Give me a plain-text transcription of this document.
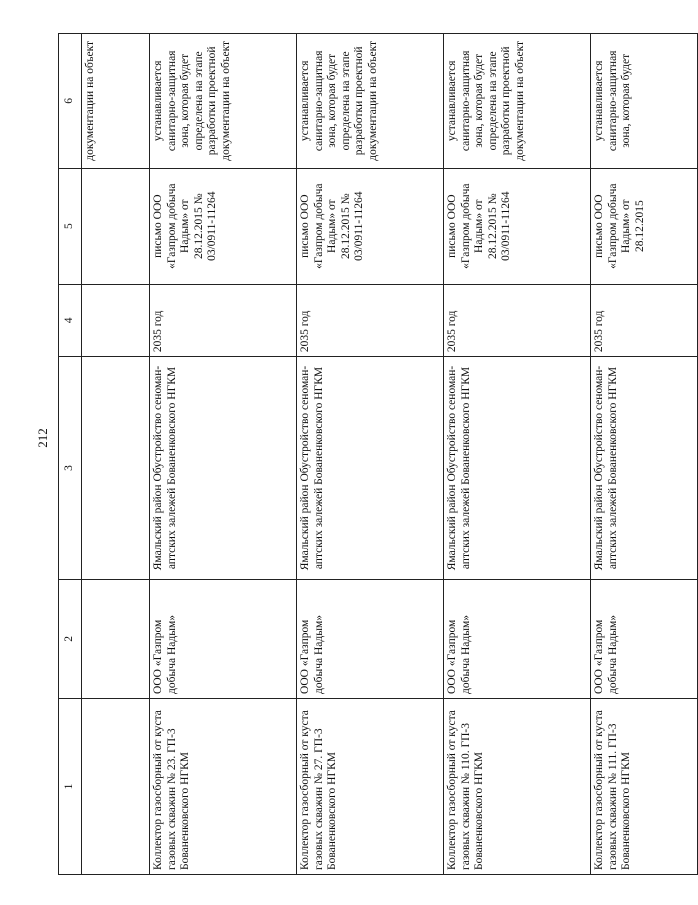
212
1	2	3	4	5	6
					документации на объект
Коллектор газосборный от куста газовых скважин № 23. ГП-3 Бованенковского НГКМ	ООО «Газпром добыча Надым»	Ямальский район Обустройство сеноман-аптских залежей Бованенковского НГКМ	2035 год	письмо ООО «Газпром добыча Надым» от 28.12.2015 № 03/0911-11264	устанавливается санитарно-защитная зона, которая будет определена на этапе разработки проектной документации на объект
Коллектор газосборный от куста газовых скважин № 27. ГП-3 Бованенковского НГКМ	ООО «Газпром добыча Надым»	Ямальский район Обустройство сеноман-аптских залежей Бованенковского НГКМ	2035 год	письмо ООО «Газпром добыча Надым» от 28.12.2015 № 03/0911-11264	устанавливается санитарно-защитная зона, которая будет определена на этапе разработки проектной документации на объект
Коллектор газосборный от куста газовых скважин № 110. ГП-3 Бованенковского НГКМ	ООО «Газпром добыча Надым»	Ямальский район Обустройство сеноман-аптских залежей Бованенковского НГКМ	2035 год	письмо ООО «Газпром добыча Надым» от 28.12.2015 № 03/0911-11264	устанавливается санитарно-защитная зона, которая будет определена на этапе разработки проектной документации на объект
Коллектор газосборный от куста газовых скважин № 111. ГП-3 Бованенковского НГКМ	ООО «Газпром добыча Надым»	Ямальский район Обустройство сеноман-аптских залежей Бованенковского НГКМ	2035 год	письмо ООО «Газпром добыча Надым» от 28.12.2015	устанавливается санитарно-защитная зона, которая будет
